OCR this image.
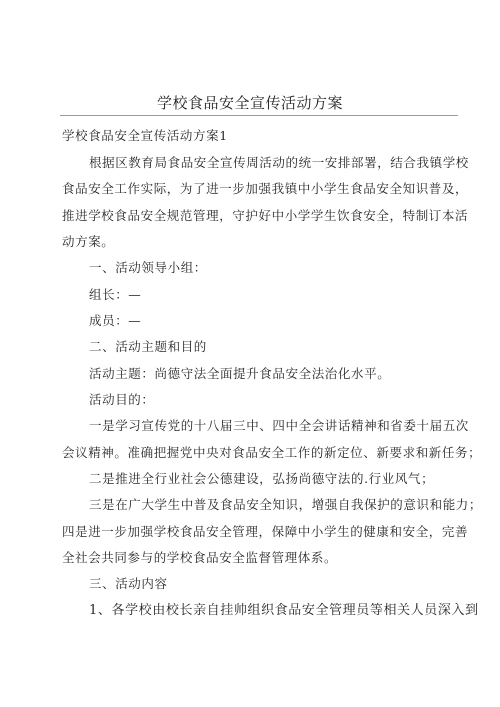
学校食品安全宣传活动方案
学校食品安全宣传活动方案1
根据区教育局食品安全宣传周活动的统一安排部署，结合我镇学校
食品安全工作实际，为了进一步加强我镇中小学生食品安全知识普及，
推进学校食品安全规范管理，守护好中小学学生饮食安全，特制订本活
动方案。
一、活动领导小组：
组长：—
成员：—
二、活动主题和目的
活动主题：尚德守法全面提升食品安全法治化水平。
活动目的：
一是学习宣传党的十八届三中、四中全会讲话精神和省委十届五次
会议精神。准确把握党中央对食品安全工作的新定位、新要求和新任务；
二是推进全行业社会公德建设，弘扬尚德守法的.行业风气；
三是在广大学生中普及食品安全知识，增强自我保护的意识和能力；
四是进一步加强学校食品安全管理，保障中小学生的健康和安全，完善
全社会共同参与的学校食品安全监督管理体系。
三、活动内容
1、各学校由校长亲自挂帅组织食品安全管理员等相关人员深入到
